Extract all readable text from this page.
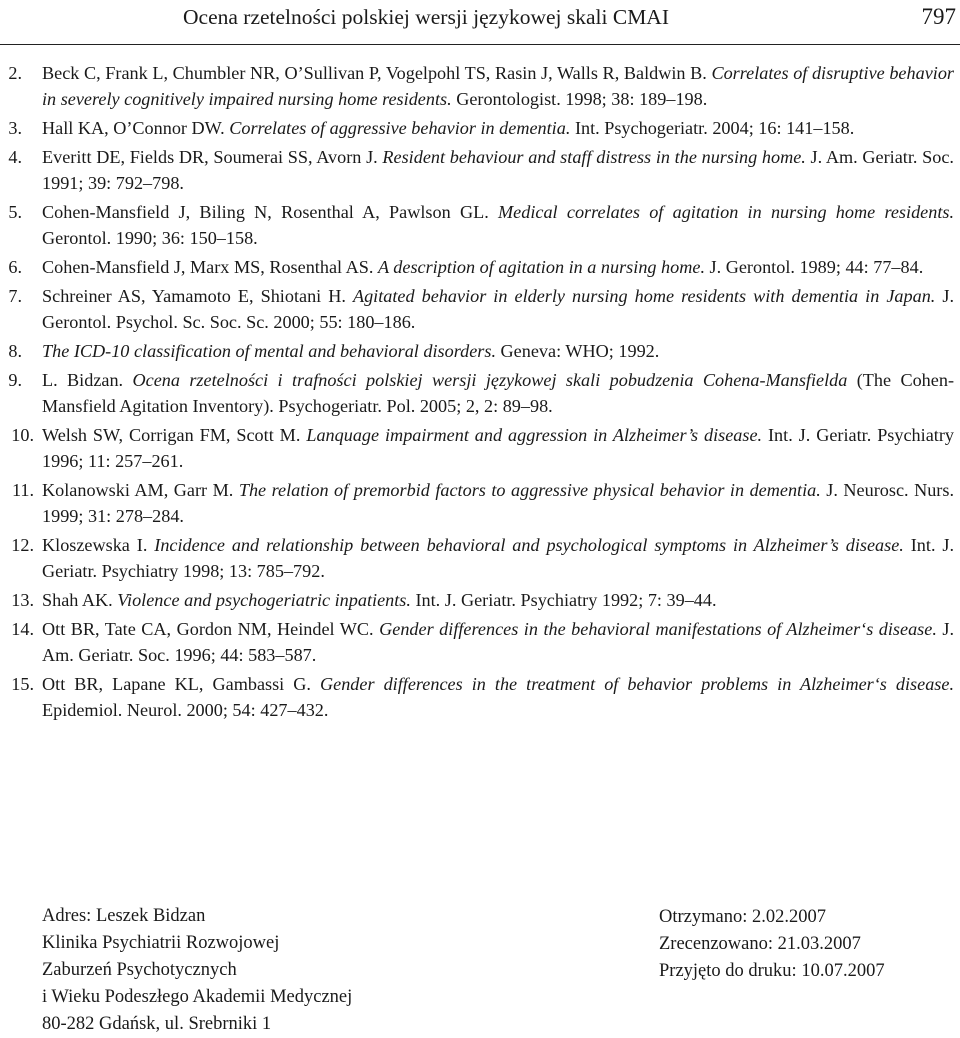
Ocena rzetelności polskiej wersji językowej skali CMAI	797
2. Beck C, Frank L, Chumbler NR, O’Sullivan P, Vogelpohl TS, Rasin J, Walls R, Baldwin B. Correlates of disruptive behavior in severely cognitively impaired nursing home residents. Gerontologist. 1998; 38: 189–198.
3. Hall KA, O’Connor DW. Correlates of aggressive behavior in dementia. Int. Psychogeriatr. 2004; 16: 141–158.
4. Everitt DE, Fields DR, Soumerai SS, Avorn J. Resident behaviour and staff distress in the nursing home. J. Am. Geriatr. Soc. 1991; 39: 792–798.
5. Cohen-Mansfield J, Biling N, Rosenthal A, Pawlson GL. Medical correlates of agitation in nursing home residents. Gerontol. 1990; 36: 150–158.
6. Cohen-Mansfield J, Marx MS, Rosenthal AS. A description of agitation in a nursing home. J. Gerontol. 1989; 44: 77–84.
7. Schreiner AS, Yamamoto E, Shiotani H. Agitated behavior in elderly nursing home residents with dementia in Japan. J. Gerontol. Psychol. Sc. Soc. Sc. 2000; 55: 180–186.
8. The ICD-10 classification of mental and behavioral disorders. Geneva: WHO; 1992.
9. L. Bidzan. Ocena rzetelności i trafności polskiej wersji językowej skali pobudzenia Cohena-Mansfielda (The Cohen-Mansfield Agitation Inventory). Psychogeriatr. Pol. 2005; 2, 2: 89–98.
10. Welsh SW, Corrigan FM, Scott M. Lanquage impairment and aggression in Alzheimer’s disease. Int. J. Geriatr. Psychiatry 1996; 11: 257–261.
11. Kolanowski AM, Garr M. The relation of premorbid factors to aggressive physical behavior in dementia. J. Neurosc. Nurs. 1999; 31: 278–284.
12. Kloszewska I. Incidence and relationship between behavioral and psychological symptoms in Alzheimer’s disease. Int. J. Geriatr. Psychiatry 1998; 13: 785–792.
13. Shah AK. Violence and psychogeriatric inpatients. Int. J. Geriatr. Psychiatry 1992; 7: 39–44.
14. Ott BR, Tate CA, Gordon NM, Heindel WC. Gender differences in the behavioral manifestations of Alzheimer‘s disease. J. Am. Geriatr. Soc. 1996; 44: 583–587.
15. Ott BR, Lapane KL, Gambassi G. Gender differences in the treatment of behavior problems in Alzheimer‘s disease. Epidemiol. Neurol. 2000; 54: 427–432.
Adres: Leszek Bidzan
Klinika Psychiatrii Rozwojowej
Zaburzeń Psychotycznych
i Wieku Podeszłego Akademii Medycznej
80-282 Gdańsk, ul. Srebrniki 1
Otrzymano: 2.02.2007
Zrecenzowano: 21.03.2007
Przyjęto do druku: 10.07.2007
